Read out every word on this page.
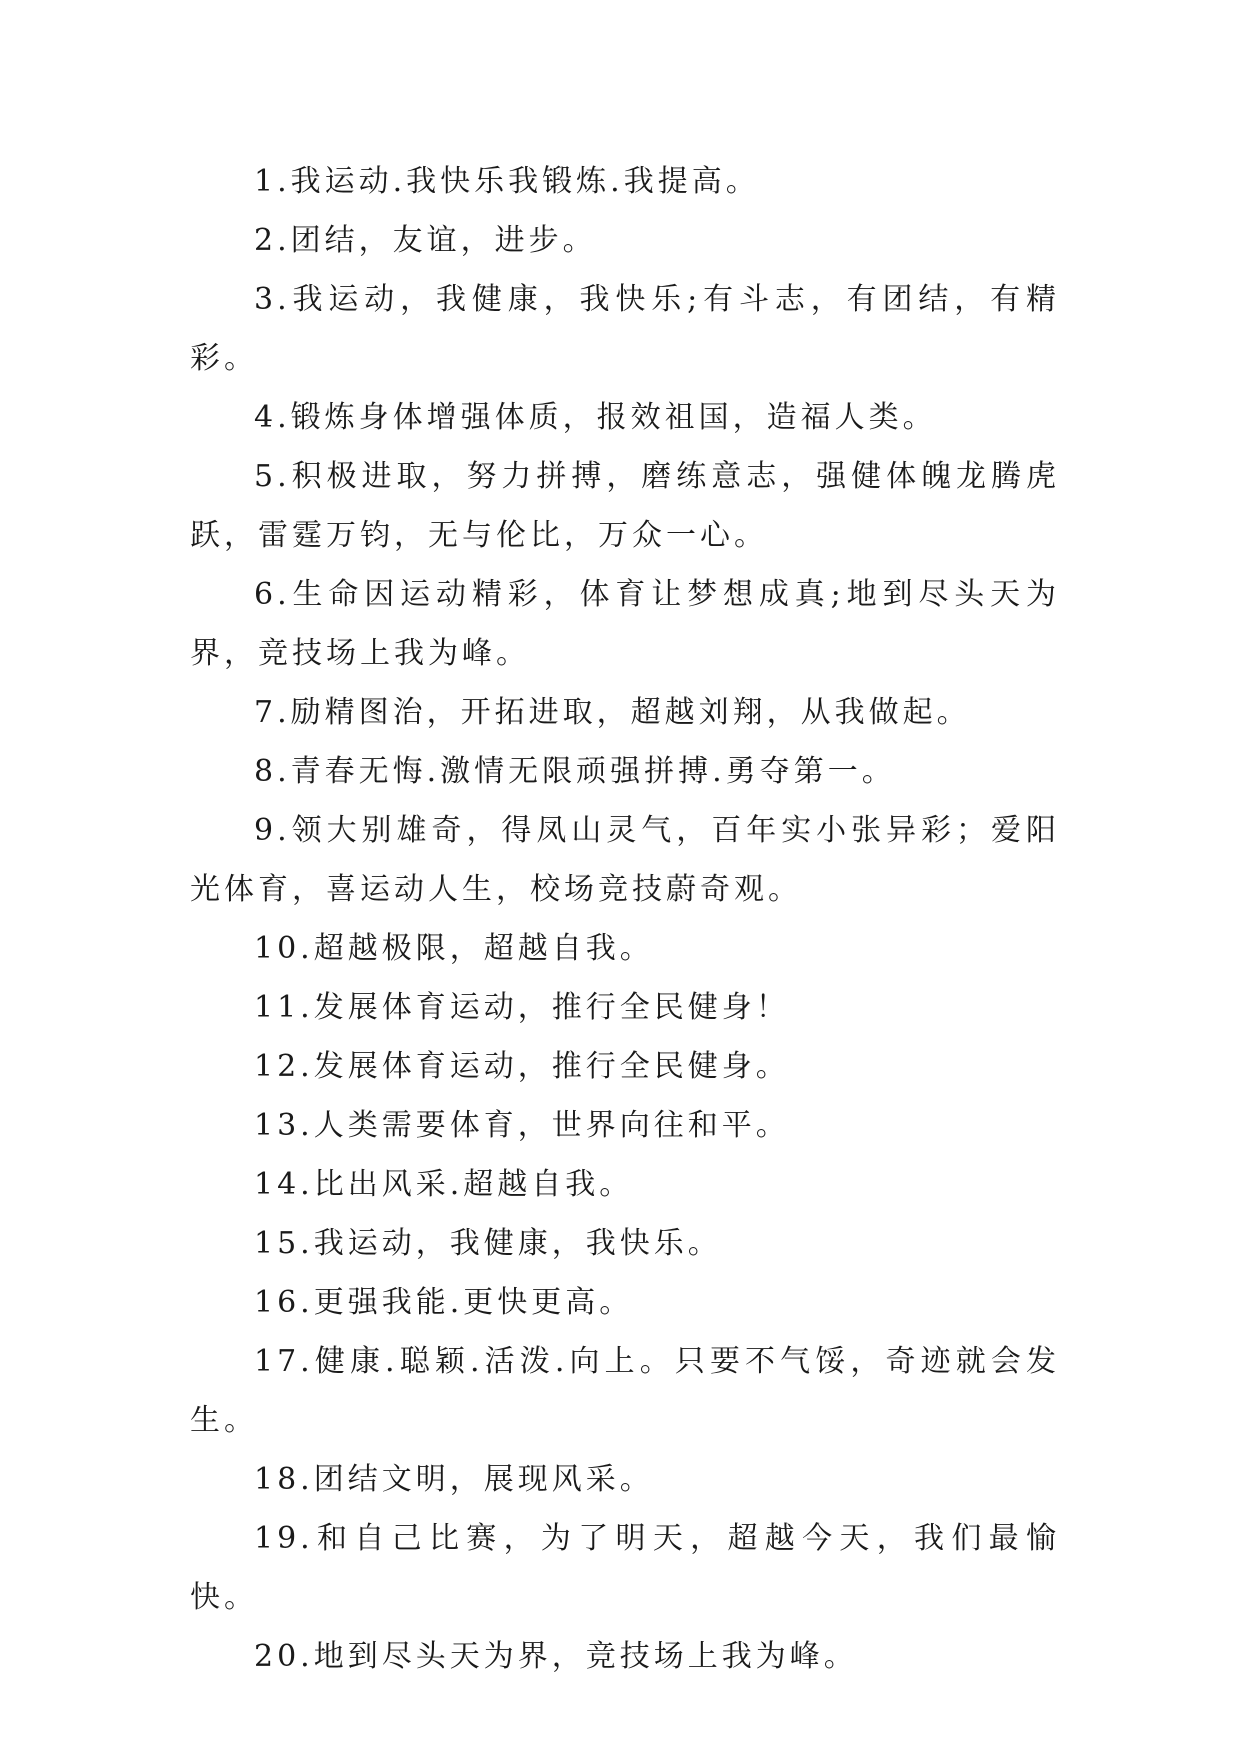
1.我运动.我快乐我锻炼.我提高。

2.团结，友谊，进步。

3.我运动，我健康，我快乐;有斗志，有团结，有精彩。

4.锻炼身体增强体质，报效祖国，造福人类。

5.积极进取，努力拼搏，磨练意志，强健体魄龙腾虎跃，雷霆万钧，无与伦比，万众一心。

6.生命因运动精彩，体育让梦想成真;地到尽头天为界，竞技场上我为峰。

7.励精图治，开拓进取，超越刘翔，从我做起。

8.青春无悔.激情无限顽强拼搏.勇夺第一。

9.领大别雄奇，得凤山灵气，百年实小张异彩；爱阳光体育，喜运动人生，校场竞技蔚奇观。

10.超越极限，超越自我。

11.发展体育运动，推行全民健身！

12.发展体育运动，推行全民健身。

13.人类需要体育，世界向往和平。

14.比出风采.超越自我。

15.我运动，我健康，我快乐。

16.更强我能.更快更高。

17.健康.聪颖.活泼.向上。只要不气馁，奇迹就会发生。

18.团结文明，展现风采。

19.和自己比赛，为了明天，超越今天，我们最愉快。

20.地到尽头天为界，竞技场上我为峰。
